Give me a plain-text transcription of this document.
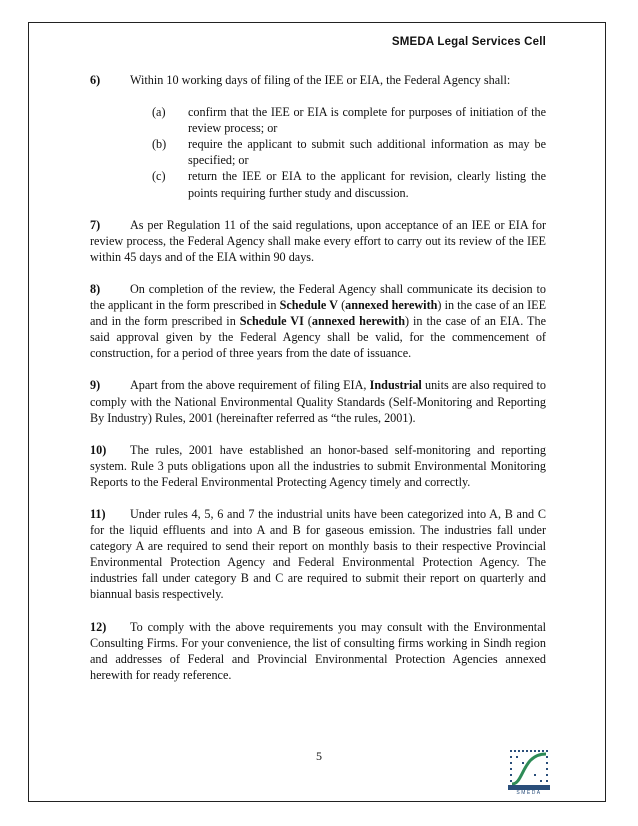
SMEDA Legal Services Cell

6) Within 10 working days of filing of the IEE or EIA, the Federal Agency shall:

(a)	confirm that the IEE or EIA is complete for purposes of initiation of the review process; or
(b)	require the applicant to submit such additional information as may be specified; or
(c)	return the IEE or EIA to the applicant for revision, clearly listing the points requiring further study and discussion.

7) As per Regulation 11 of the said regulations, upon acceptance of an IEE or EIA for review process, the Federal Agency shall make every effort to carry out its review of the IEE within 45 days and of the EIA within 90 days.

8) On completion of the review, the Federal Agency shall communicate its decision to the applicant in the form prescribed in Schedule V (annexed herewith) in the case of an IEE and in the form prescribed in Schedule VI (annexed herewith) in the case of an EIA. The said approval given by the Federal Agency shall be valid, for the commencement of construction, for a period of three years from the date of issuance.

9) Apart from the above requirement of filing EIA, Industrial units are also required to comply with the National Environmental Quality Standards (Self-Monitoring and Reporting By Industry) Rules, 2001 (hereinafter referred as “the rules, 2001).

10) The rules, 2001 have established an honor-based self-monitoring and reporting system. Rule 3 puts obligations upon all the industries to submit Environmental Monitoring Reports to the Federal Environmental Protecting Agency timely and correctly.

11) Under rules 4, 5, 6 and 7 the industrial units have been categorized into A, B and C for the liquid effluents and into A and B for gaseous emission. The industries fall under category A are required to send their report on monthly basis to their respective Provincial Environmental Protection Agency and Federal Environmental Protection Agency. The industries fall under category B and C are required to submit their report on quarterly and biannual basis respectively.

12) To comply with the above requirements you may consult with the Environmental Consulting Firms. For your convenience, the list of consulting firms working in Sindh region and addresses of Federal and Provincial Environmental Protection Agencies annexed herewith for ready reference.

5
SMEDA
